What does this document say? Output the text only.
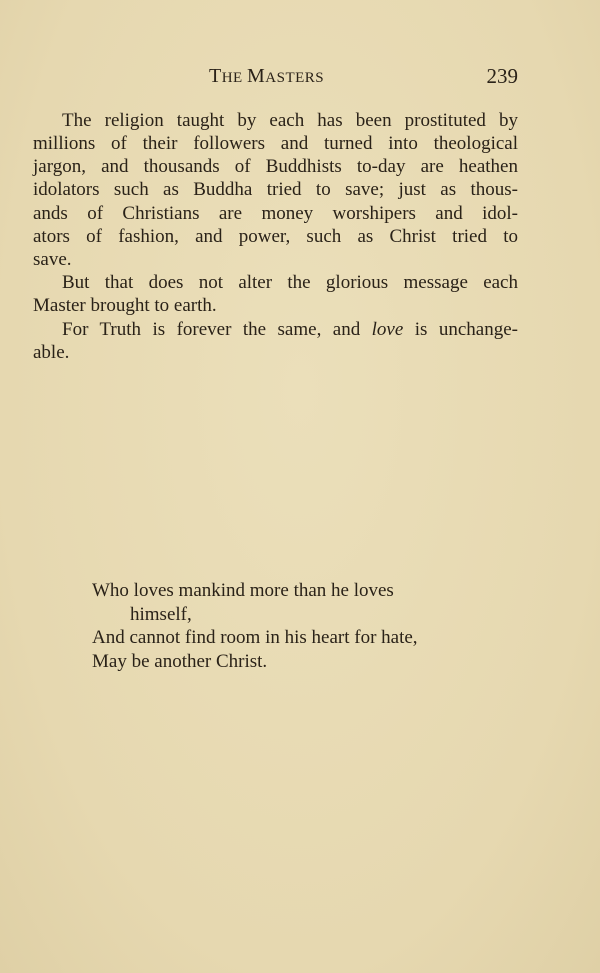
THE MASTERS	239
The religion taught by each has been prostituted by
millions of their followers and turned into theological
jargon, and thousands of Buddhists to-day are heathen
idolators such as Buddha tried to save; just as thous-
ands of Christians are money worshipers and idol-
ators of fashion, and power, such as Christ tried to
save.
But that does not alter the glorious message each
Master brought to earth.
For Truth is forever the same, and love is unchange-
able.
Who loves mankind more than he loves
himself,
And cannot find room in his heart for hate,
May be another Christ.
